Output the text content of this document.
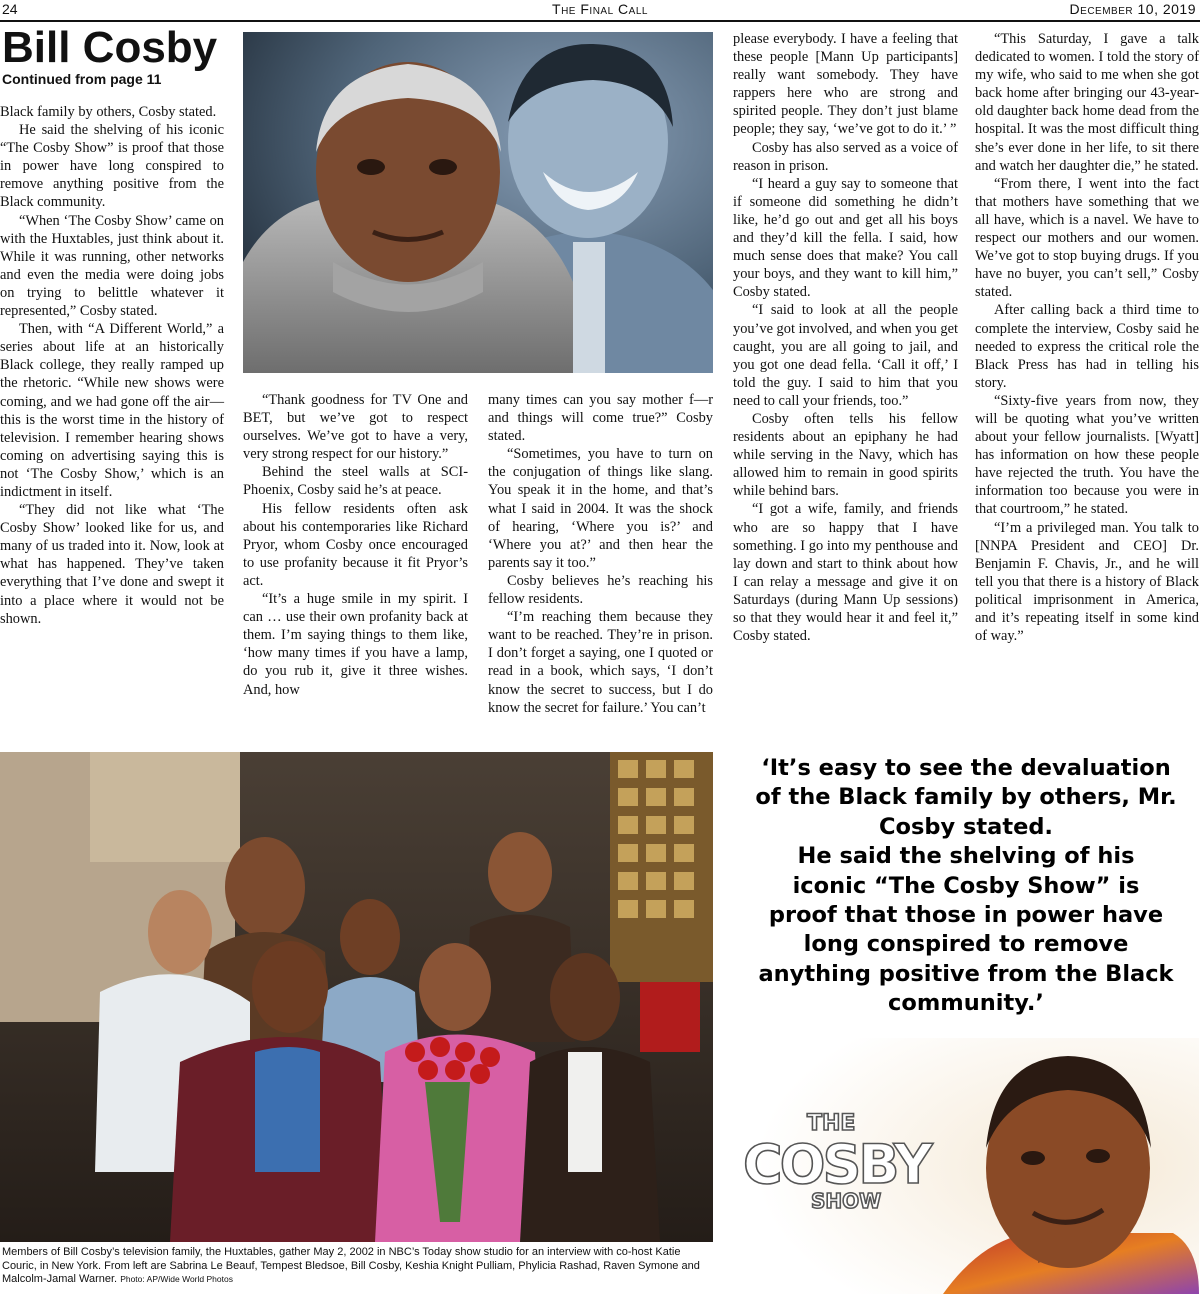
24	The Final Call	December 10, 2019
Bill Cosby
Continued from page 11

Black family by others, Cosby stated.

He said the shelving of his iconic “The Cosby Show” is proof that those in power have long conspired to remove anything positive from the Black community.

“When ‘The Cosby Show’ came on with the Huxtables, just think about it. While it was running, other networks and even the media were doing jobs on trying to belittle whatever it represented,” Cosby stated.

Then, with “A Different World,” a series about life at an historically Black college, they really ramped up the rhetoric. “While new shows were coming, and we had gone off the air—this is the worst time in the history of television. I remember hearing shows coming on advertising saying this is not ‘The Cosby Show,’ which is an indictment in itself.

“They did not like what ‘The Cosby Show’ looked like for us, and many of us traded into it. Now, look at what has happened. They’ve taken everything that I’ve done and swept it into a place where it would not be shown.

“Thank goodness for TV One and BET, but we’ve got to respect ourselves. We’ve got to have a very, very strong respect for our history.”

Behind the steel walls at SCI-Phoenix, Cosby said he’s at peace.

His fellow residents often ask about his contemporaries like Richard Pryor, whom Cosby once encouraged to use profanity because it fit Pryor’s act.

“It’s a huge smile in my spirit. I can … use their own profanity back at them. I’m saying things to them like, ‘how many times if you have a lamp, do you rub it, give it three wishes. And, how

many times can you say mother f—r and things will come true?” Cosby stated.

“Sometimes, you have to turn on the conjugation of things like slang. You speak it in the home, and that’s what I said in 2004. It was the shock of hearing, ‘Where you is?’ and ‘Where you at?’ and then hear the parents say it too.”

Cosby believes he’s reaching his fellow residents.

“I’m reaching them because they want to be reached. They’re in prison. I don’t forget a saying, one I quoted or read in a book, which says, ‘I don’t know the secret to success, but I do know the secret for failure.’ You can’t

please everybody. I have a feeling that these people [Mann Up participants] really want somebody. They have rappers here who are strong and spirited people. They don’t just blame people; they say, ‘we’ve got to do it.’ ”

Cosby has also served as a voice of reason in prison.

“I heard a guy say to someone that if someone did something he didn’t like, he’d go out and get all his boys and they’d kill the fella. I said, how much sense does that make? You call your boys, and they want to kill him,” Cosby stated.

“I said to look at all the people you’ve got involved, and when you get caught, you are all going to jail, and you got one dead fella. ‘Call it off,’ I told the guy. I said to him that you need to call your friends, too.”

Cosby often tells his fellow residents about an epiphany he had while serving in the Navy, which has allowed him to remain in good spirits while behind bars.

“I got a wife, family, and friends who are so happy that I have something. I go into my penthouse and lay down and start to think about how I can relay a message and give it on Saturdays (during Mann Up sessions) so that they would hear it and feel it,” Cosby stated.

“This Saturday, I gave a talk dedicated to women. I told the story of my wife, who said to me when she got back home after bringing our 43-year-old daughter back home dead from the hospital. It was the most difficult thing she’s ever done in her life, to sit there and watch her daughter die,” he stated.

“From there, I went into the fact that mothers have something that we all have, which is a navel. We have to respect our mothers and our women. We’ve got to stop buying drugs. If you have no buyer, you can’t sell,” Cosby stated.

After calling back a third time to complete the interview, Cosby said he needed to express the critical role the Black Press has had in telling his story.

“Sixty-five years from now, they will be quoting what you’ve written about your fellow journalists. [Wyatt] has information on how these people have rejected the truth. You have the information too because you were in that courtroom,” he stated.

“I’m a privileged man. You talk to [NNPA President and CEO] Dr. Benjamin F. Chavis, Jr., and he will tell you that there is a history of Black political imprisonment in America, and it’s repeating itself in some kind of way.”

Members of Bill Cosby’s television family, the Huxtables, gather May 2, 2002 in NBC’s Today show studio for an interview with co-host Katie Couric, in New York. From left are Sabrina Le Beauf, Tempest Bledsoe, Bill Cosby, Keshia Knight Pulliam, Phylicia Rashad, Raven Symone and Malcolm-Jamal Warner. Photo: AP/Wide World Photos
‘It’s easy to see the devaluation
of the Black family by others, Mr.
Cosby stated.
He said the shelving of his
iconic “The Cosby Show” is
proof that those in power have
long conspired to remove
anything positive from the Black
community.’
THE
COSBY
SHOW
